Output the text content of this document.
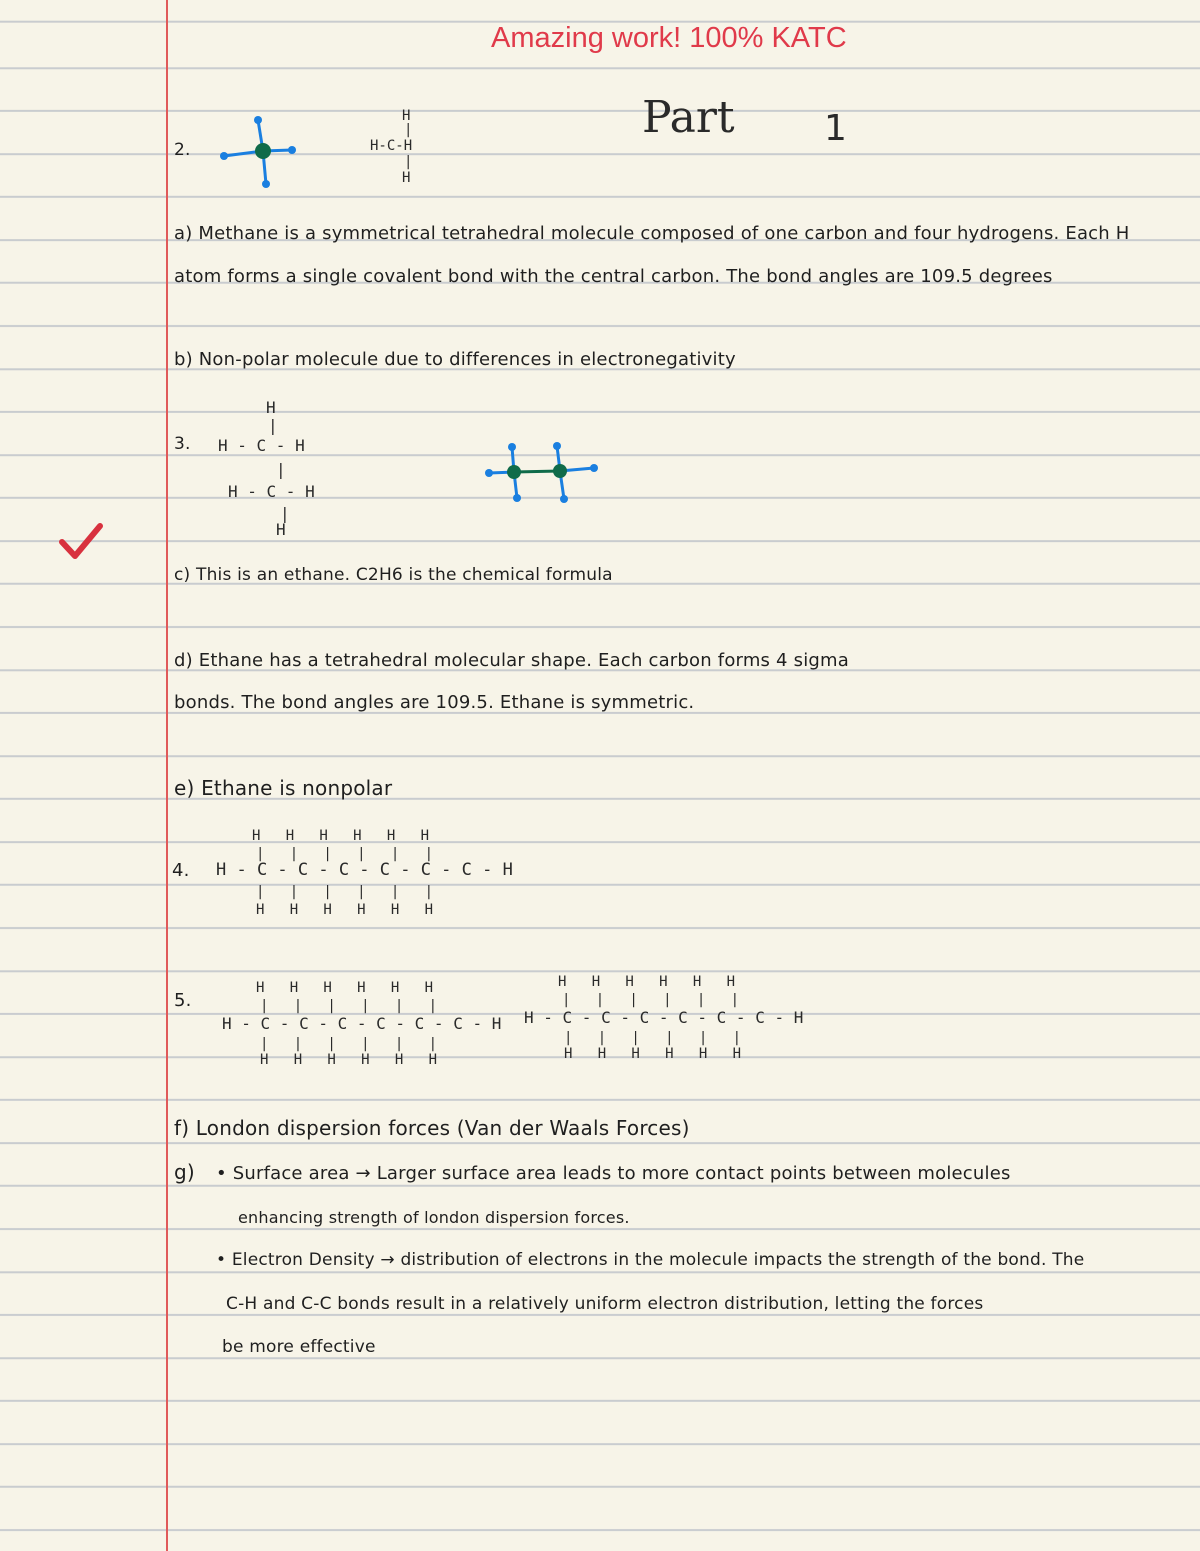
Amazing work! 100% KATC
Part 1
2.
H
|
H-C-H
|
H
a) Methane is a symmetrical tetrahedral molecule composed of one carbon and four hydrogens. Each H
atom forms a single covalent bond with the central carbon. The bond angles are 109.5 degrees
b) Non-polar molecule due to differences in electronegativity
3.
H
|
H - C - H
|
H - C - H
|
H
c) This is an ethane. C2H6 is the chemical formula
d) Ethane has a tetrahedral molecular shape. Each carbon forms 4 sigma
bonds. The bond angles are 109.5. Ethane is symmetric.
e) Ethane is nonpolar
4.
H   H   H   H   H   H
|   |   |   |   |   |
H - C - C - C - C - C - C - H
|   |   |   |   |   |
H   H   H   H   H   H
5.
H   H   H   H   H   H
|   |   |   |   |   |
H - C - C - C - C - C - C - H
|   |   |   |   |   |
H   H   H   H   H   H
H   H   H   H   H   H
|   |   |   |   |   |
H - C - C - C - C - C - C - H
|   |   |   |   |   |
H   H   H   H   H   H
f) London dispersion forces (Van der Waals Forces)
g) • Surface area → Larger surface area leads to more contact points between molecules
enhancing strength of london dispersion forces.
• Electron Density → distribution of electrons in the molecule impacts the strength of the bond. The
C-H and C-C bonds result in a relatively uniform electron distribution, letting the forces
be more effective
